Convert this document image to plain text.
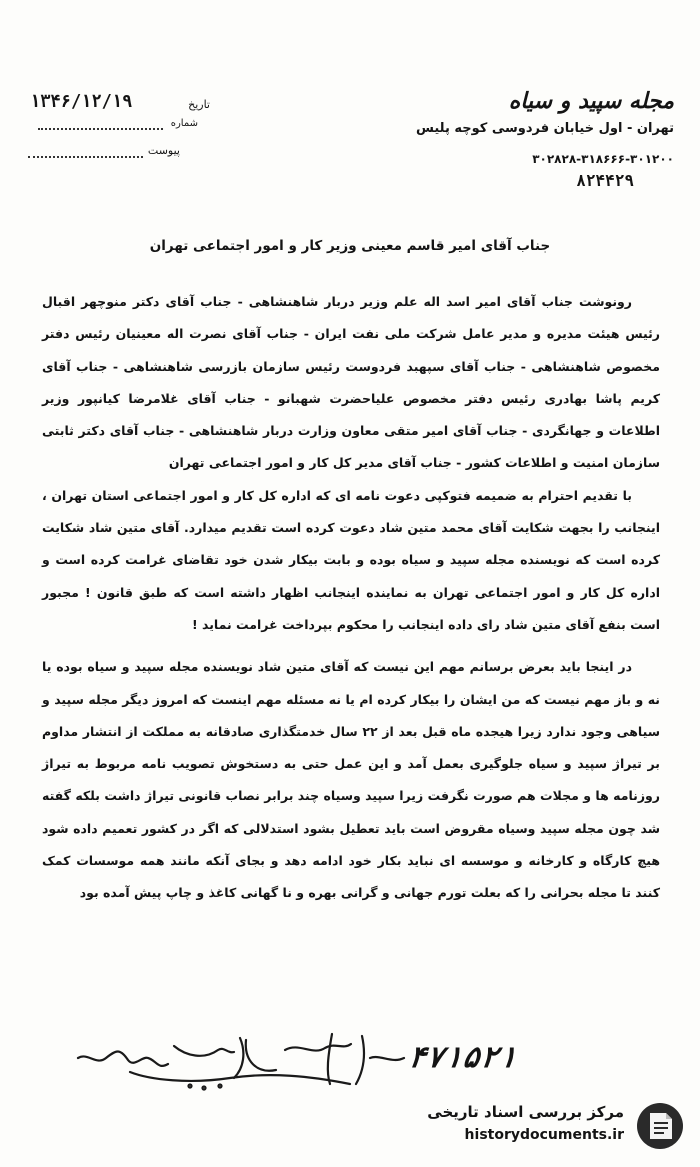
۱۳۴۶/۱۲/۱۹	تاریخ
شماره
پیوست
مجله سپید و سیاه
تهران - اول خیابان فردوسی کوچه پلیس
۳۰۲۸۲۸-۳۱۸۶۶۶-۳۰۱۲۰۰
۸۲۴۴۲۹
جناب آقای امیر قاسم معینی وزیر کار و امور اجتماعی تهران

رونوشت جناب آقای امیر اسد اله علم وزیر دربار شاهنشاهی - جناب آقای دکتر منوچهر اقبال رئیس هیئت مدیره و مدیر عامل شرکت ملی نفت ایران - جناب آقای نصرت اله معینیان رئیس دفتر مخصوص شاهنشاهی - جناب آقای سپهبد فردوست رئیس سازمان بازرسی شاهنشاهی - جناب آقای کریم پاشا بهادری رئیس دفتر مخصوص علیاحضرت شهبانو - جناب آقای غلامرضا کیانپور وزیر اطلاعات و جهانگردی - جناب آقای امیر متقی معاون وزارت دربار شاهنشاهی - جناب آقای دکتر ثابتی سازمان امنیت و اطلاعات کشور - جناب آقای مدیر کل کار و امور اجتماعی تهران

با تقدیم احترام به ضمیمه فتوکپی دعوت نامه ای که اداره کل کار و امور اجتماعی استان تهران ، اینجانب را بجهت شکایت آقای محمد متین شاد دعوت کرده است تقدیم میدارد. آقای متین شاد شکایت کرده است که نویسنده مجله سپید و سیاه بوده و بابت بیکار شدن خود تقاضای غرامت کرده است و اداره کل کار و امور اجتماعی تهران به نماینده اینجانب اظهار داشته است که طبق قانون ! مجبور است بنفع آقای متین شاد رای داده اینجانب را محکوم بپرداخت غرامت نماید !

در اینجا باید بعرض برسانم مهم این نیست که آقای متین شاد نویسنده مجله سپید و سیاه بوده یا نه و باز مهم نیست که من ایشان را بیکار کرده ام یا نه مسئله مهم اینست که امروز دیگر مجله سپید و سیاهی وجود ندارد زیرا هیجده ماه قبل بعد از ۲۲ سال خدمتگذاری صادقانه به مملکت از انتشار مداوم بر تیراژ سپید و سیاه جلوگیری بعمل آمد و این عمل حتی به دستخوش تصویب نامه مربوط به تیراژ روزنامه ها و مجلات هم صورت نگرفت زیرا سپید وسیاه چند برابر نصاب قانونی تیراژ داشت بلکه گفته شد چون مجله سپید وسیاه مقروض است باید تعطیل بشود استدلالی که اگر در کشور تعمیم داده شود هیچ کارگاه و کارخانه و موسسه ای نباید بکار خود ادامه دهد و بجای آنکه مانند همه موسسات کمک کنند تا مجله بحرانی را که بعلت تورم جهانی و گرانی بهره و نا گهانی کاغذ و چاپ پیش آمده بود

۴۷۱۵۲۱
مرکز بررسی اسناد تاریخی
historydocuments.ir
